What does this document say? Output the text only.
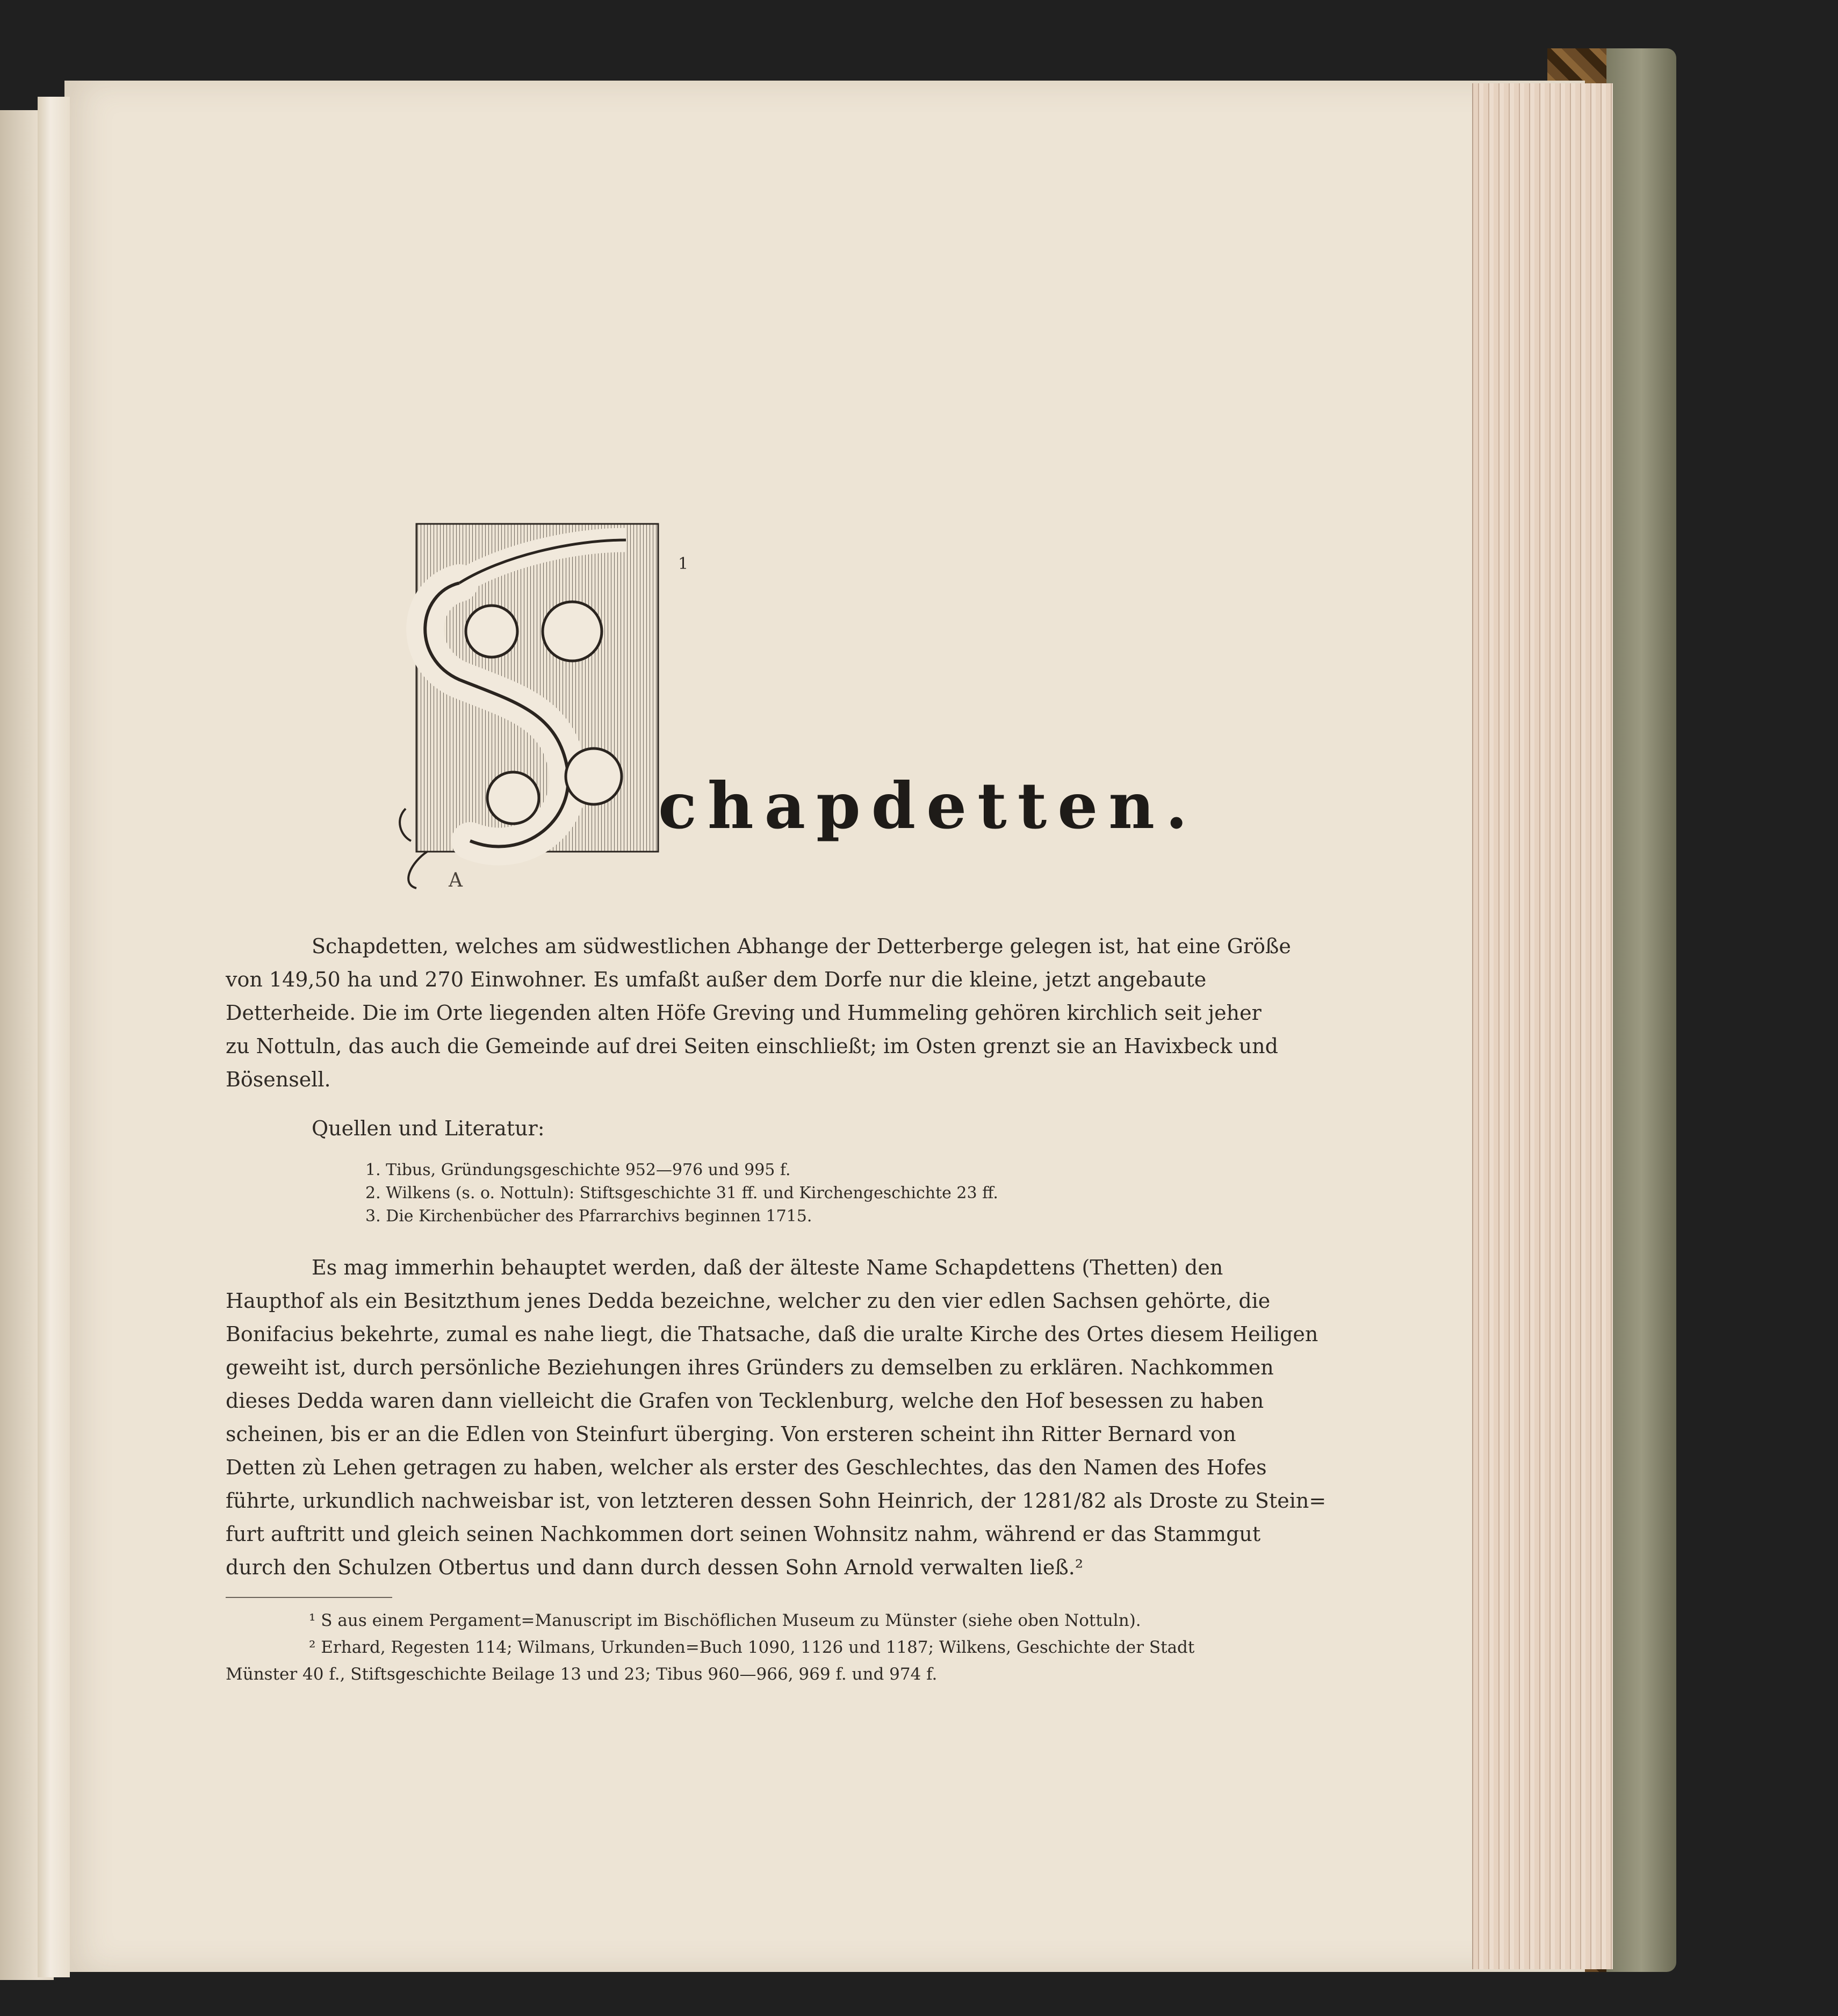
A
1
chapdetten.
Schapdetten, welches am südwestlichen Abhange der Detterberge gelegen ist, hat eine Größe
von 149,50 ha und 270 Einwohner. Es umfaßt außer dem Dorfe nur die kleine, jetzt angebaute
Detterheide. Die im Orte liegenden alten Höfe Greving und Hummeling gehören kirchlich seit jeher
zu Nottuln, das auch die Gemeinde auf drei Seiten einschließt; im Osten grenzt sie an Havixbeck und
Bösensell.
Quellen und Literatur:
1. Tibus, Gründungsgeschichte 952—976 und 995 f.
2. Wilkens (s. o. Nottuln): Stiftsgeschichte 31 ff. und Kirchengeschichte 23 ff.
3. Die Kirchenbücher des Pfarrarchivs beginnen 1715.
Es mag immerhin behauptet werden, daß der älteste Name Schapdettens (Thetten) den
Haupthof als ein Besitzthum jenes Dedda bezeichne, welcher zu den vier edlen Sachsen gehörte, die
Bonifacius bekehrte, zumal es nahe liegt, die Thatsache, daß die uralte Kirche des Ortes diesem Heiligen
geweiht ist, durch persönliche Beziehungen ihres Gründers zu demselben zu erklären. Nachkommen
dieses Dedda waren dann vielleicht die Grafen von Tecklenburg, welche den Hof besessen zu haben
scheinen, bis er an die Edlen von Steinfurt überging. Von ersteren scheint ihn Ritter Bernard von
Detten zù Lehen getragen zu haben, welcher als erster des Geschlechtes, das den Namen des Hofes
führte, urkundlich nachweisbar ist, von letzteren dessen Sohn Heinrich, der 1281/82 als Droste zu Stein=
furt auftritt und gleich seinen Nachkommen dort seinen Wohnsitz nahm, während er das Stammgut
durch den Schulzen Otbertus und dann durch dessen Sohn Arnold verwalten ließ.²
¹ S aus einem Pergament=Manuscript im Bischöflichen Museum zu Münster (siehe oben Nottuln).
² Erhard, Regesten 114; Wilmans, Urkunden=Buch 1090, 1126 und 1187; Wilkens, Geschichte der Stadt
Münster 40 f., Stiftsgeschichte Beilage 13 und 23; Tibus 960—966, 969 f. und 974 f.
